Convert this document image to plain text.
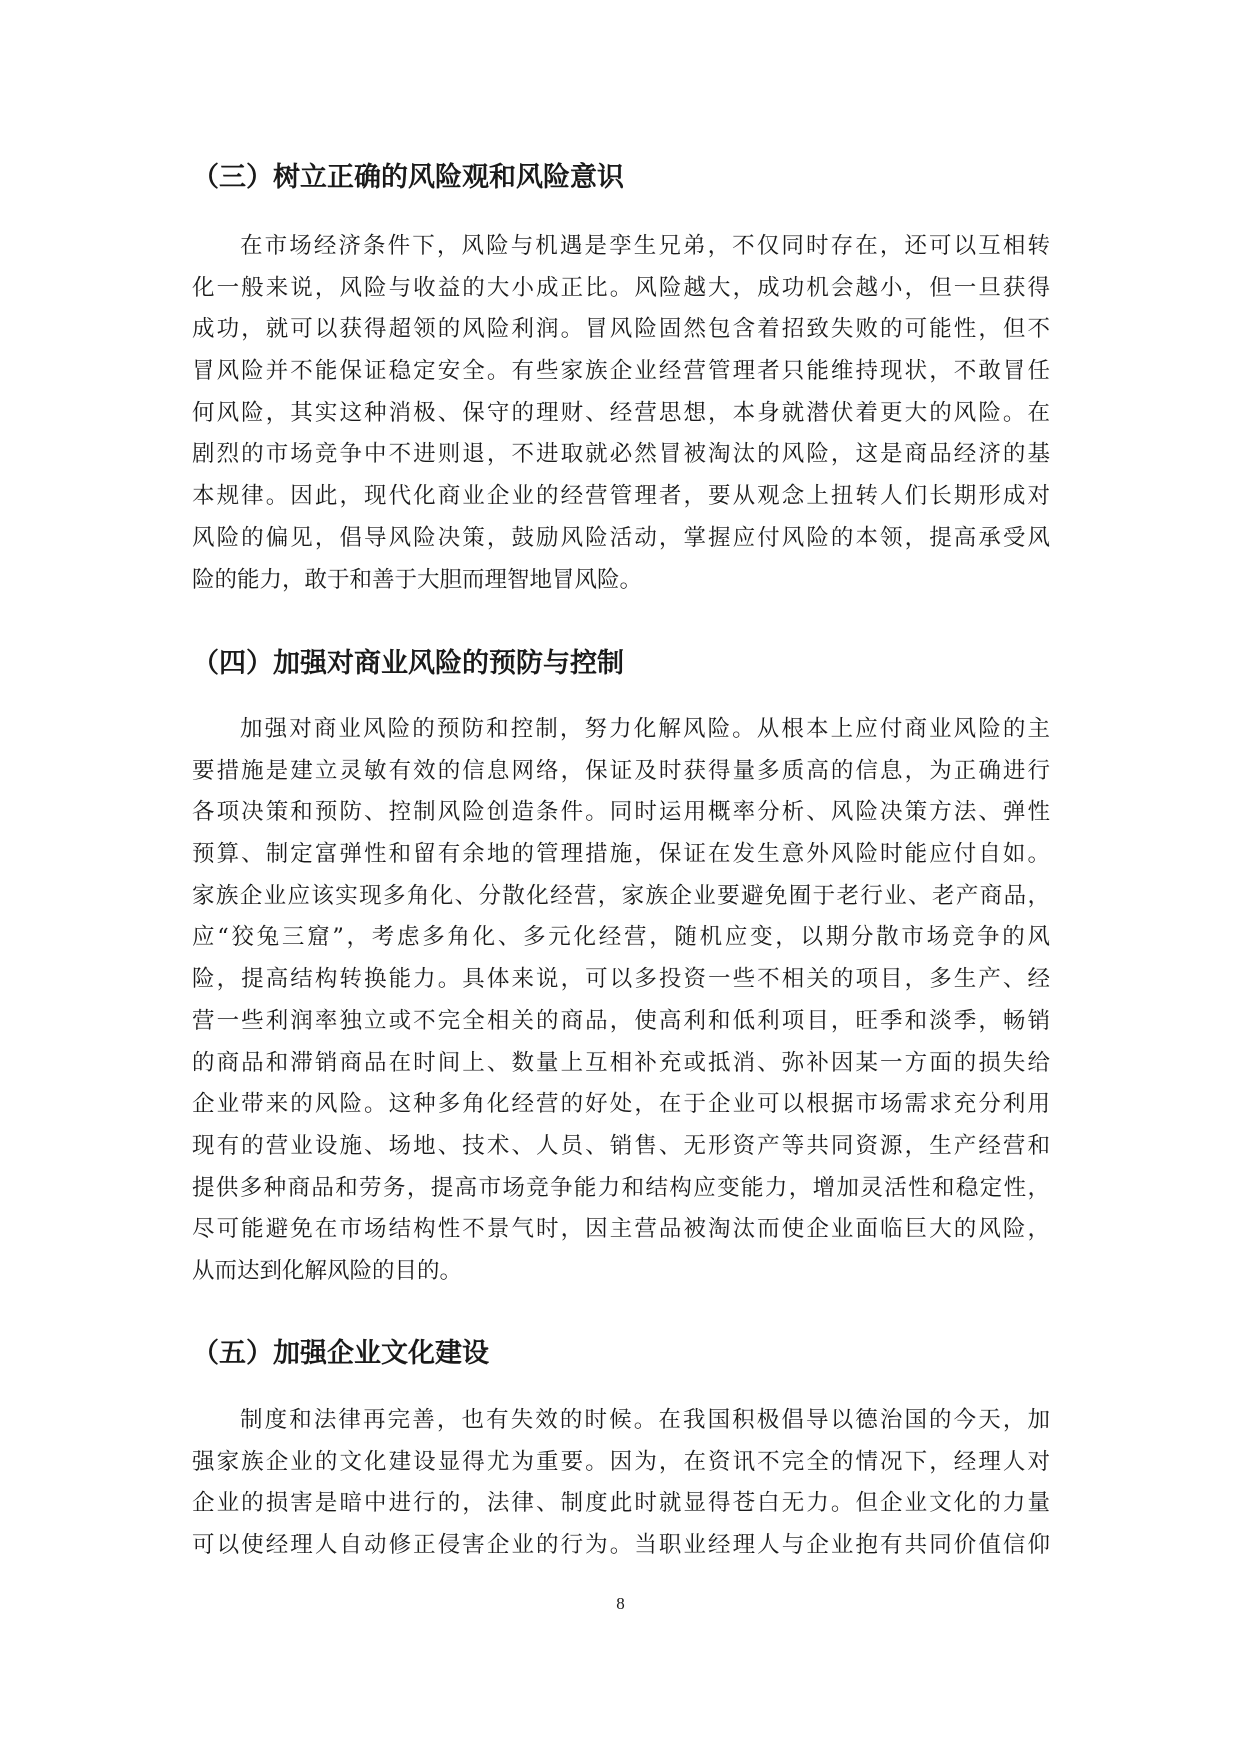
（三）树立正确的风险观和风险意识
在市场经济条件下，风险与机遇是孪生兄弟，不仅同时存在，还可以互相转
化一般来说，风险与收益的大小成正比。风险越大，成功机会越小，但一旦获得
成功，就可以获得超领的风险利润。冒风险固然包含着招致失败的可能性，但不
冒风险并不能保证稳定安全。有些家族企业经营管理者只能维持现状，不敢冒任
何风险，其实这种消极、保守的理财、经营思想，本身就潜伏着更大的风险。在
剧烈的市场竞争中不进则退，不进取就必然冒被淘汰的风险，这是商品经济的基
本规律。因此，现代化商业企业的经营管理者，要从观念上扭转人们长期形成对
风险的偏见，倡导风险决策，鼓励风险活动，掌握应付风险的本领，提高承受风
险的能力，敢于和善于大胆而理智地冒风险。
（四）加强对商业风险的预防与控制
加强对商业风险的预防和控制，努力化解风险。从根本上应付商业风险的主
要措施是建立灵敏有效的信息网络，保证及时获得量多质高的信息，为正确进行
各项决策和预防、控制风险创造条件。同时运用概率分析、风险决策方法、弹性
预算、制定富弹性和留有余地的管理措施，保证在发生意外风险时能应付自如。
家族企业应该实现多角化、分散化经营，家族企业要避免囿于老行业、老产商品，
应“狡兔三窟”，考虑多角化、多元化经营，随机应变，以期分散市场竞争的风
险，提高结构转换能力。具体来说，可以多投资一些不相关的项目，多生产、经
营一些利润率独立或不完全相关的商品，使高利和低利项目，旺季和淡季，畅销
的商品和滞销商品在时间上、数量上互相补充或抵消、弥补因某一方面的损失给
企业带来的风险。这种多角化经营的好处，在于企业可以根据市场需求充分利用
现有的营业设施、场地、技术、人员、销售、无形资产等共同资源，生产经营和
提供多种商品和劳务，提高市场竞争能力和结构应变能力，增加灵活性和稳定性，
尽可能避免在市场结构性不景气时，因主营品被淘汰而使企业面临巨大的风险，
从而达到化解风险的目的。
（五）加强企业文化建设
制度和法律再完善，也有失效的时候。在我国积极倡导以德治国的今天，加
强家族企业的文化建设显得尤为重要。因为，在资讯不完全的情况下，经理人对
企业的损害是暗中进行的，法律、制度此时就显得苍白无力。但企业文化的力量
可以使经理人自动修正侵害企业的行为。当职业经理人与企业抱有共同价值信仰
8
